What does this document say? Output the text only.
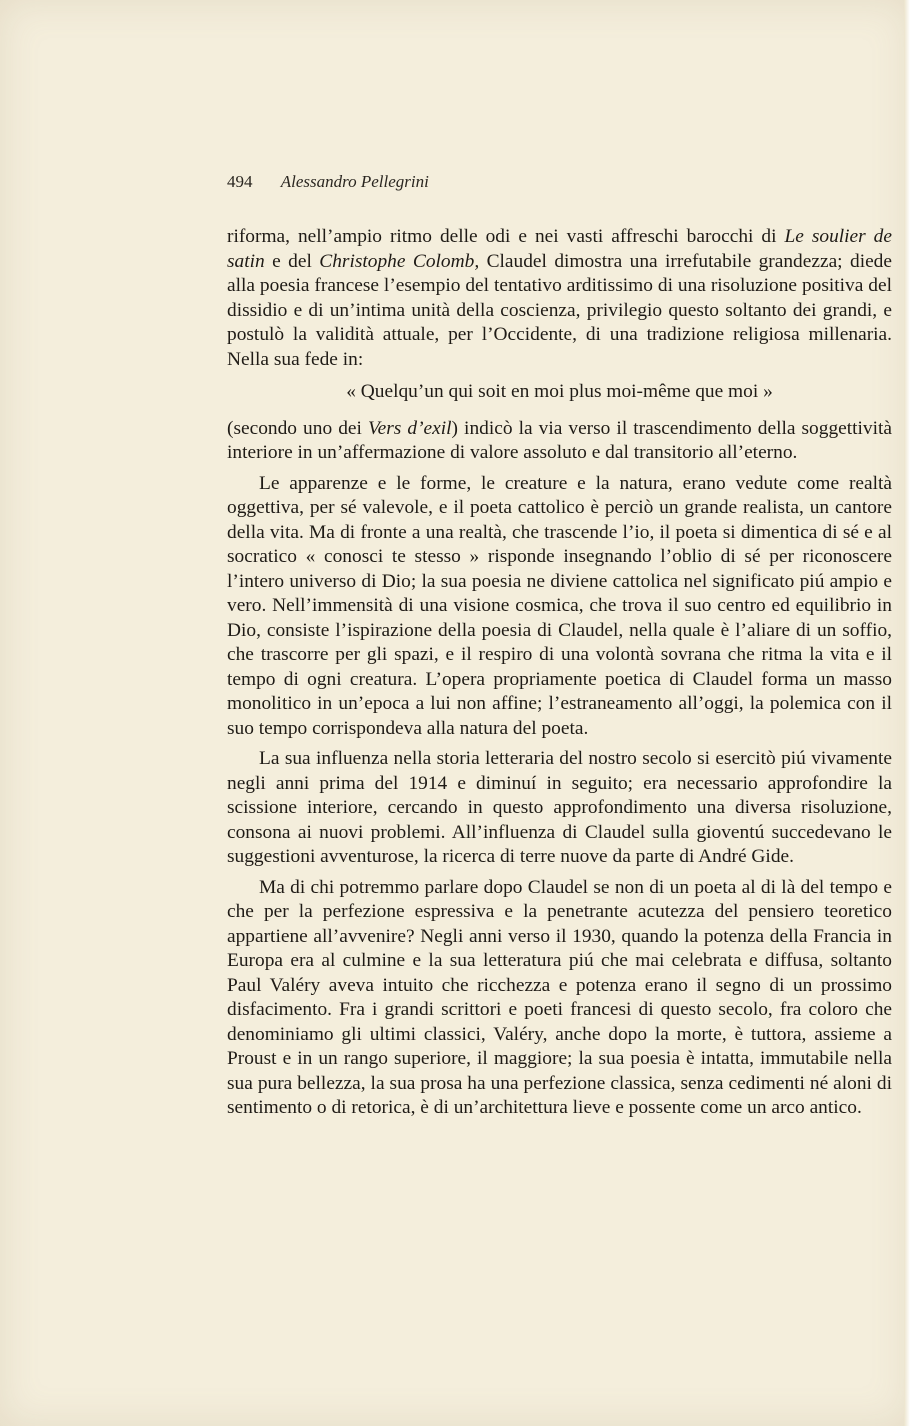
494 Alessandro Pellegrini

riforma, nell’ampio ritmo delle odi e nei vasti affreschi barocchi di Le soulier de satin e del Christophe Colomb, Claudel dimostra una irrefutabile grandezza; diede alla poesia francese l’esempio del tentativo arditissimo di una risoluzione positiva del dissidio e di un’intima unità della coscienza, privilegio questo soltanto dei grandi, e postulò la validità attuale, per l’Occidente, di una tradizione religiosa millenaria. Nella sua fede in:

« Quelqu’un qui soit en moi plus moi-même que moi »

(secondo uno dei Vers d’exil) indicò la via verso il trascendimento della soggettività interiore in un’affermazione di valore assoluto e dal transitorio all’eterno.

Le apparenze e le forme, le creature e la natura, erano vedute come realtà oggettiva, per sé valevole, e il poeta cattolico è perciò un grande realista, un cantore della vita. Ma di fronte a una realtà, che trascende l’io, il poeta si dimentica di sé e al socratico « conosci te stesso » risponde insegnando l’oblio di sé per riconoscere l’intero universo di Dio; la sua poesia ne diviene cattolica nel significato piú ampio e vero. Nell’immensità di una visione cosmica, che trova il suo centro ed equilibrio in Dio, consiste l’ispirazione della poesia di Claudel, nella quale è l’aliare di un soffio, che trascorre per gli spazi, e il respiro di una volontà sovrana che ritma la vita e il tempo di ogni creatura. L’opera propriamente poetica di Claudel forma un masso monolitico in un’epoca a lui non affine; l’estraneamento all’oggi, la polemica con il suo tempo corrispondeva alla natura del poeta.

La sua influenza nella storia letteraria del nostro secolo si esercitò piú vivamente negli anni prima del 1914 e diminuí in seguito; era necessario approfondire la scissione interiore, cercando in questo approfondimento una diversa risoluzione, consona ai nuovi problemi. All’influenza di Claudel sulla gioventú succedevano le suggestioni avventurose, la ricerca di terre nuove da parte di André Gide.

Ma di chi potremmo parlare dopo Claudel se non di un poeta al di là del tempo e che per la perfezione espressiva e la penetrante acutezza del pensiero teoretico appartiene all’avvenire? Negli anni verso il 1930, quando la potenza della Francia in Europa era al culmine e la sua letteratura piú che mai celebrata e diffusa, soltanto Paul Valéry aveva intuito che ricchezza e potenza erano il segno di un prossimo disfacimento. Fra i grandi scrittori e poeti francesi di questo secolo, fra coloro che denominiamo gli ultimi classici, Valéry, anche dopo la morte, è tuttora, assieme a Proust e in un rango superiore, il maggiore; la sua poesia è intatta, immutabile nella sua pura bellezza, la sua prosa ha una perfezione classica, senza cedimenti né aloni di sentimento o di retorica, è di un’architettura lieve e possente come un arco antico.
